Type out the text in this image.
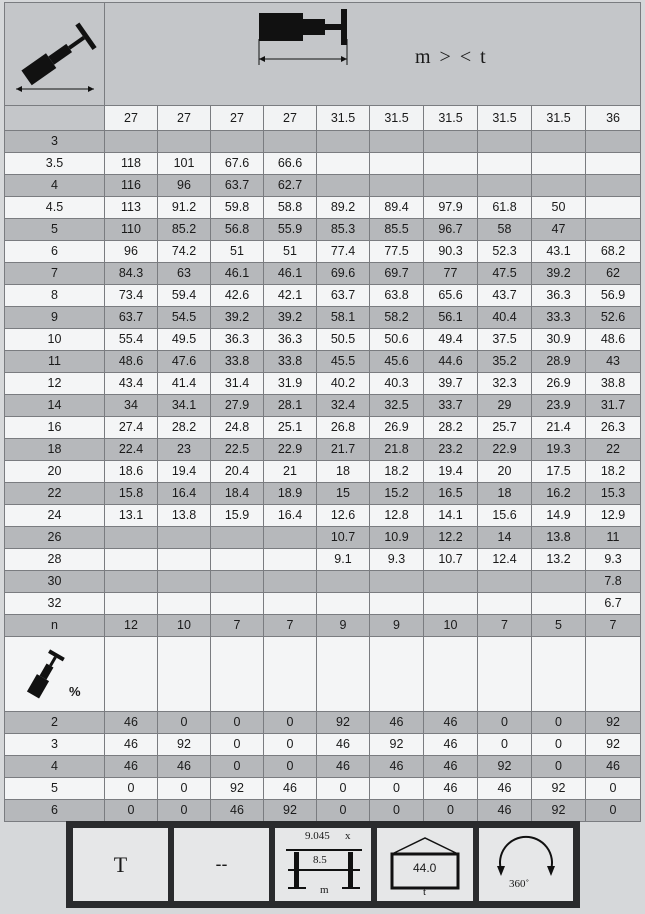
m > < t									

	27	27	27	27	31.5	31.5	31.5	31.5	31.5	36
3										
3.5	118	101	67.6	66.6						
4	116	96	63.7	62.7						
4.5	113	91.2	59.8	58.8	89.2	89.4	97.9	61.8	50	
5	110	85.2	56.8	55.9	85.3	85.5	96.7	58	47	
6	96	74.2	51	51	77.4	77.5	90.3	52.3	43.1	68.2
7	84.3	63	46.1	46.1	69.6	69.7	77	47.5	39.2	62
8	73.4	59.4	42.6	42.1	63.7	63.8	65.6	43.7	36.3	56.9
9	63.7	54.5	39.2	39.2	58.1	58.2	56.1	40.4	33.3	52.6
10	55.4	49.5	36.3	36.3	50.5	50.6	49.4	37.5	30.9	48.6
11	48.6	47.6	33.8	33.8	45.5	45.6	44.6	35.2	28.9	43
12	43.4	41.4	31.4	31.9	40.2	40.3	39.7	32.3	26.9	38.8
14	34	34.1	27.9	28.1	32.4	32.5	33.7	29	23.9	31.7
16	27.4	28.2	24.8	25.1	26.8	26.9	28.2	25.7	21.4	26.3
18	22.4	23	22.5	22.9	21.7	21.8	23.2	22.9	19.3	22
20	18.6	19.4	20.4	21	18	18.2	19.4	20	17.5	18.2
22	15.8	16.4	18.4	18.9	15	15.2	16.5	18	16.2	15.3
24	13.1	13.8	15.9	16.4	12.6	12.8	14.1	15.6	14.9	12.9
26					10.7	10.9	12.2	14	13.8	11
28					9.1	9.3	10.7	12.4	13.2	9.3
30										7.8
32										6.7
n	12	10	7	7	9	9	10	7	5	7

%										

2	46	0	0	0	92	46	46	0	0	92
3	46	92	0	0	46	92	46	0	0	92
4	46	46	0	0	46	46	46	92	0	46
5	0	0	92	46	0	0	46	46	92	0
6	0	0	46	92	0	0	0	46	92	0
T	--
9.045 x
8.5
m
44.0
t
360˚
